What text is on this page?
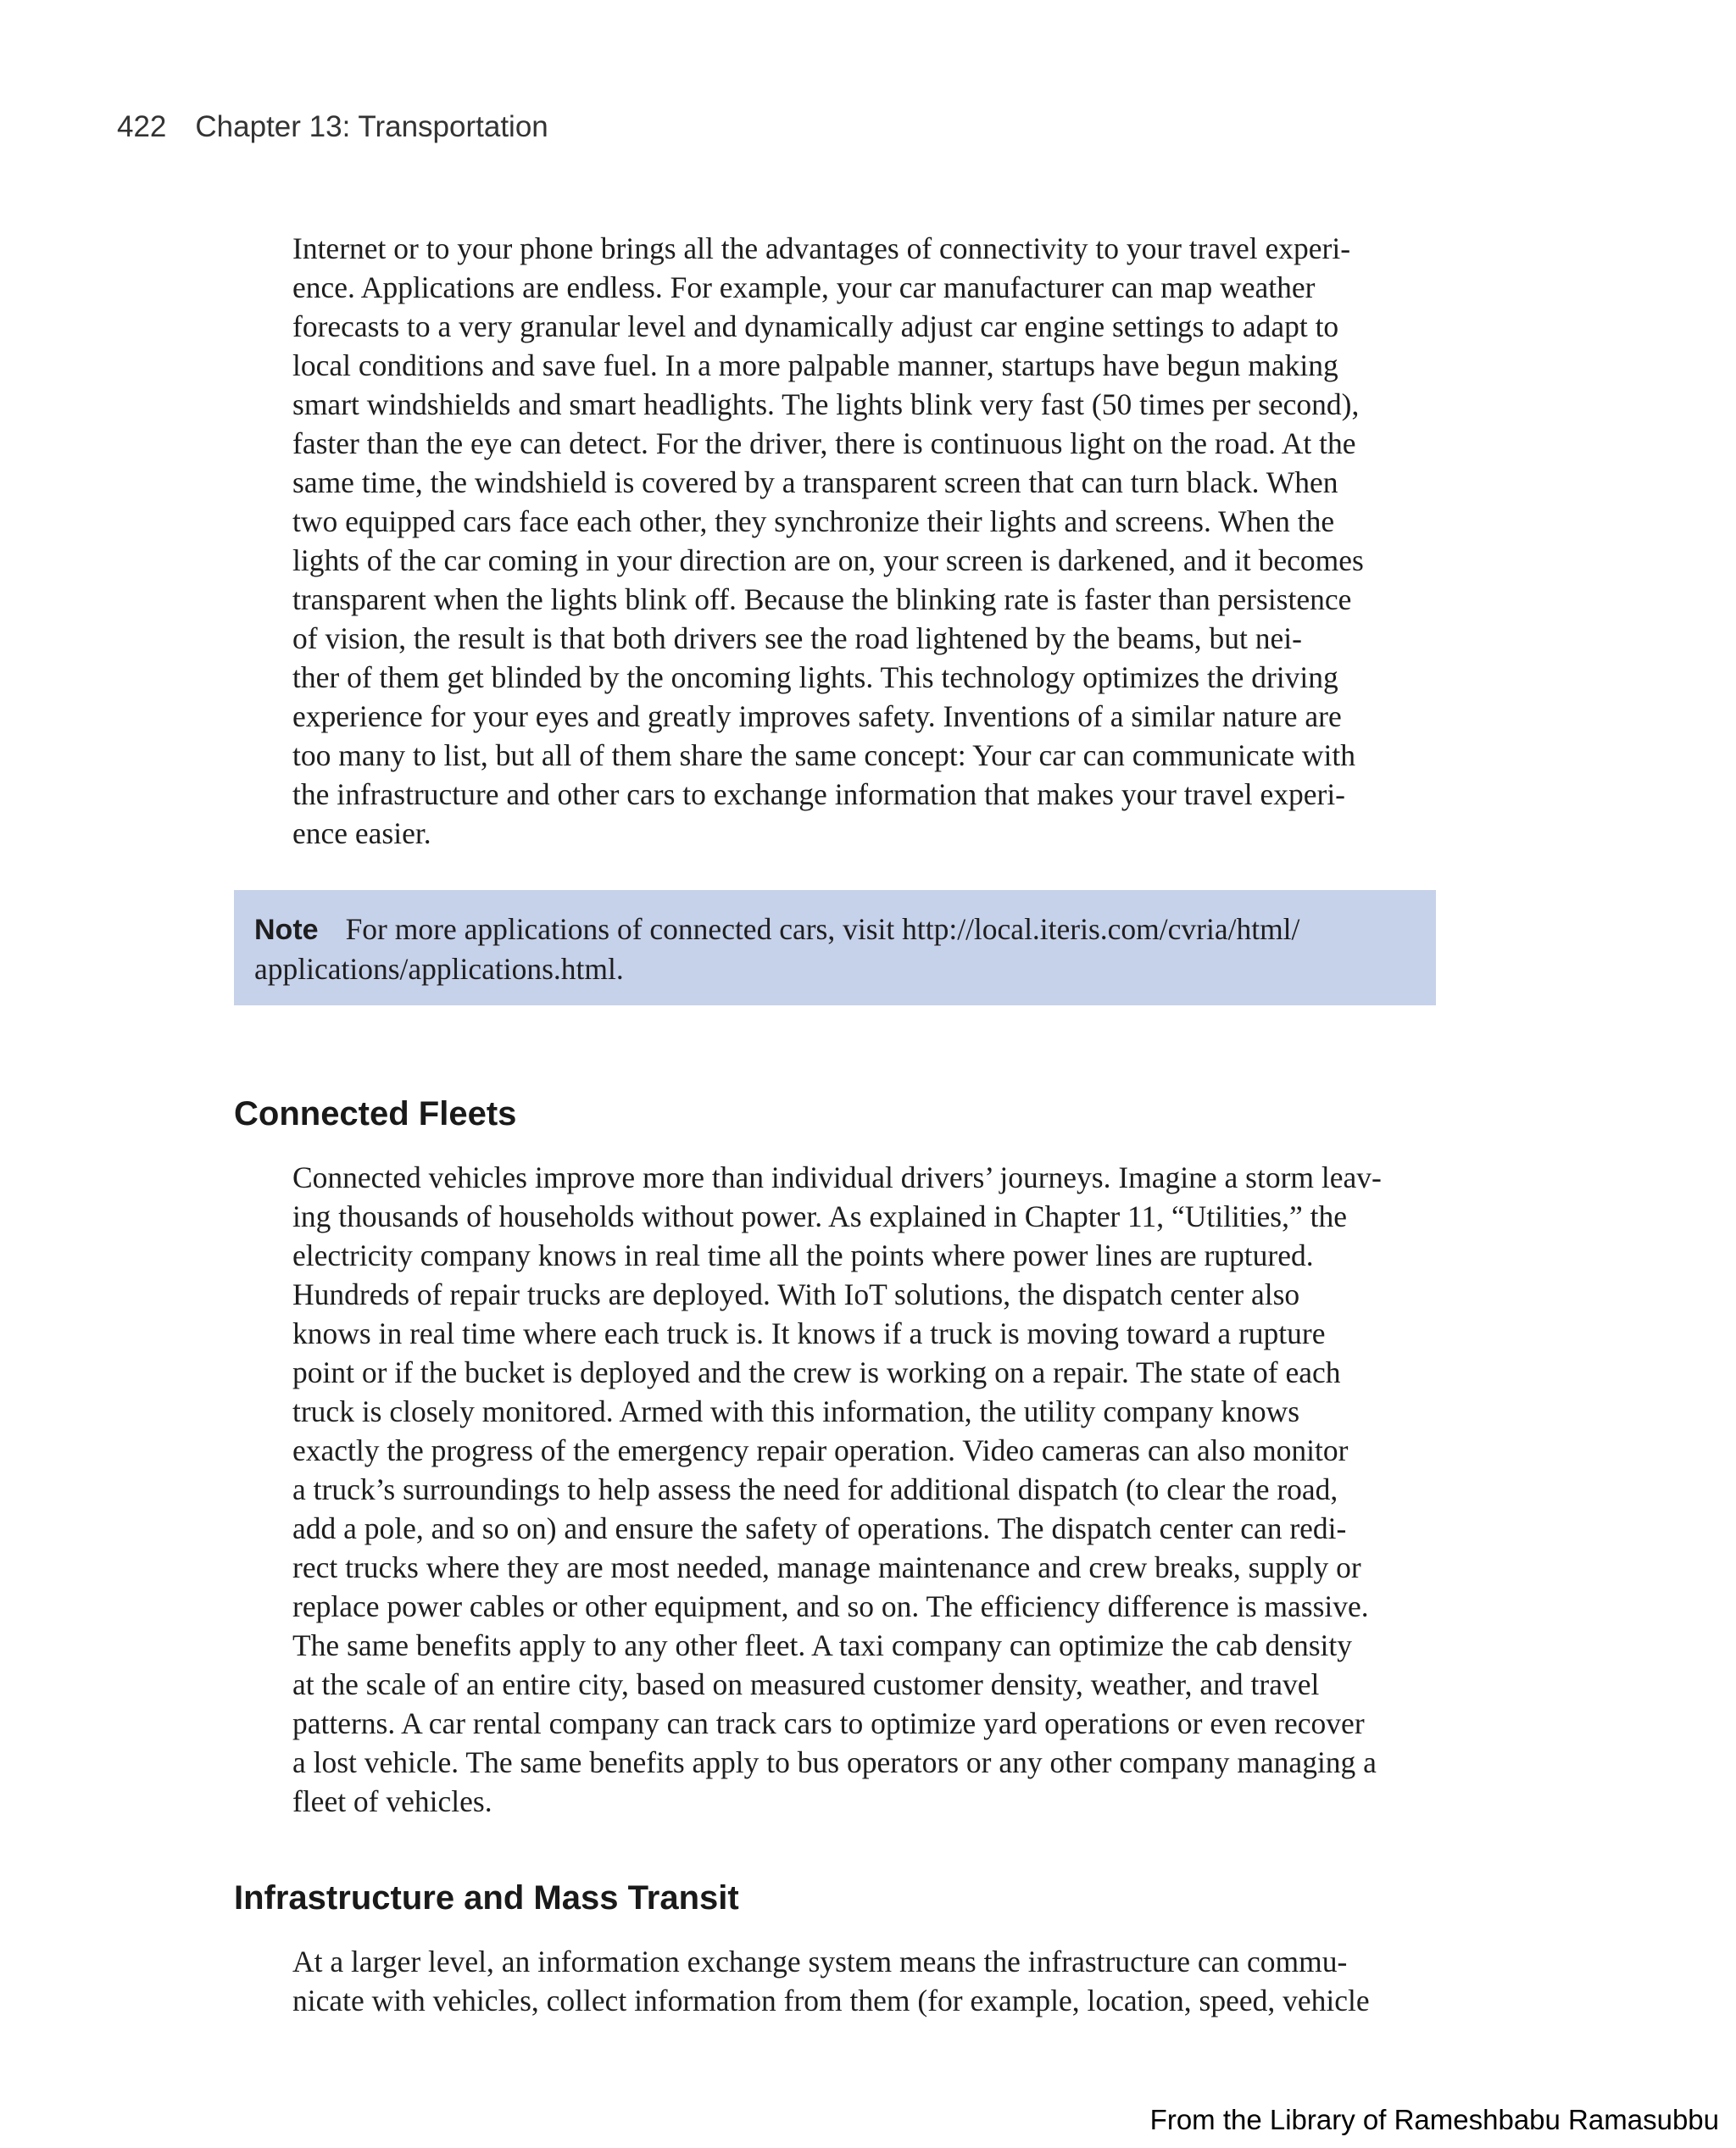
422 Chapter 13: Transportation
Internet or to your phone brings all the advantages of connectivity to your travel experi-
ence. Applications are endless. For example, your car manufacturer can map weather
forecasts to a very granular level and dynamically adjust car engine settings to adapt to
local conditions and save fuel. In a more palpable manner, startups have begun making
smart windshields and smart headlights. The lights blink very fast (50 times per second),
faster than the eye can detect. For the driver, there is continuous light on the road. At the
same time, the windshield is covered by a transparent screen that can turn black. When
two equipped cars face each other, they synchronize their lights and screens. When the
lights of the car coming in your direction are on, your screen is darkened, and it becomes
transparent when the lights blink off. Because the blinking rate is faster than persistence
of vision, the result is that both drivers see the road lightened by the beams, but nei-
ther of them get blinded by the oncoming lights. This technology optimizes the driving
experience for your eyes and greatly improves safety. Inventions of a similar nature are
too many to list, but all of them share the same concept: Your car can communicate with
the infrastructure and other cars to exchange information that makes your travel experi-
ence easier.
Note For more applications of connected cars, visit http://local.iteris.com/cvria/html/
applications/applications.html.
Connected Fleets
Connected vehicles improve more than individual drivers’ journeys. Imagine a storm leav-
ing thousands of households without power. As explained in Chapter 11, “Utilities,” the
electricity company knows in real time all the points where power lines are ruptured.
Hundreds of repair trucks are deployed. With IoT solutions, the dispatch center also
knows in real time where each truck is. It knows if a truck is moving toward a rupture
point or if the bucket is deployed and the crew is working on a repair. The state of each
truck is closely monitored. Armed with this information, the utility company knows
exactly the progress of the emergency repair operation. Video cameras can also monitor
a truck’s surroundings to help assess the need for additional dispatch (to clear the road,
add a pole, and so on) and ensure the safety of operations. The dispatch center can redi-
rect trucks where they are most needed, manage maintenance and crew breaks, supply or
replace power cables or other equipment, and so on. The efficiency difference is massive.
The same benefits apply to any other fleet. A taxi company can optimize the cab density
at the scale of an entire city, based on measured customer density, weather, and travel
patterns. A car rental company can track cars to optimize yard operations or even recover
a lost vehicle. The same benefits apply to bus operators or any other company managing a
fleet of vehicles.
Infrastructure and Mass Transit
At a larger level, an information exchange system means the infrastructure can commu-
nicate with vehicles, collect information from them (for example, location, speed, vehicle
From the Library of Rameshbabu Ramasubbu
